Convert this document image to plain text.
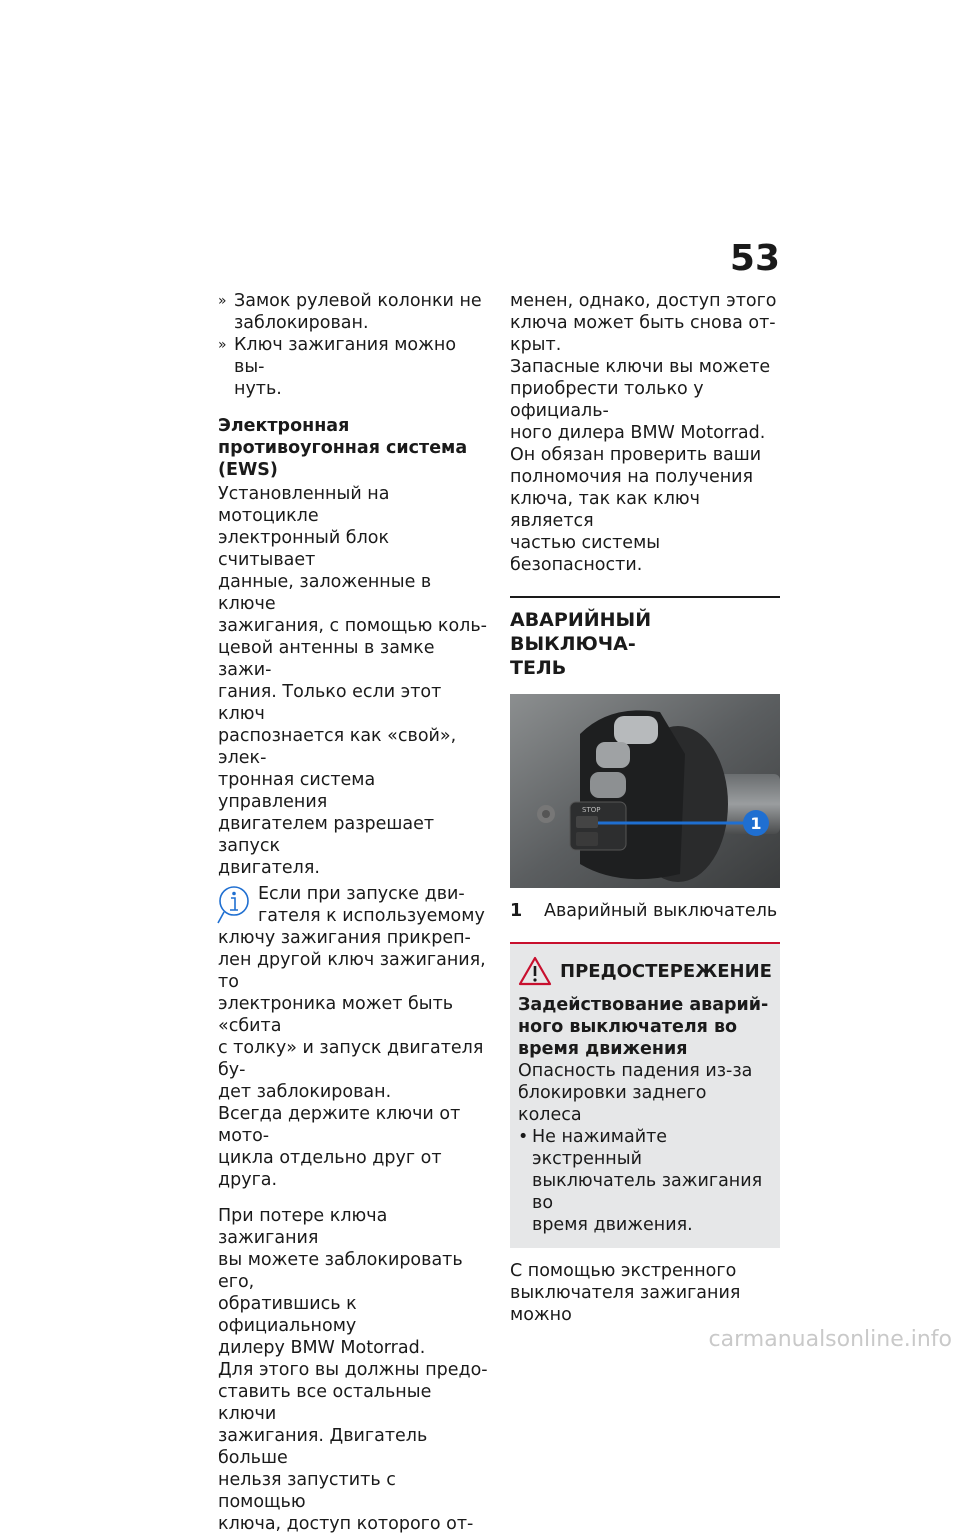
53
» Замок рулевой колонки не
заблокирован.
» Ключ зажигания можно вы-
нуть.
Электронная
противоугонная система
(EWS)
Установленный на мотоцикле
электронный блок считывает
данные, заложенные в ключе
зажигания, с помощью коль-
цевой антенны в замке зажи-
гания. Только если этот ключ
распознается как «свой», элек-
тронная система управления
двигателем разрешает запуск
двигателя.
Если при запуске дви-
гателя к используемому
ключу зажигания прикреп-
лен другой ключ зажигания, то
электроника может быть «сбита
с толку» и запуск двигателя бу-
дет заблокирован.
Всегда держите ключи от мото-
цикла отдельно друг от друга.
При потере ключа зажигания
вы можете заблокировать его,
обратившись к официальному
дилеру BMW Motorrad.
Для этого вы должны предо-
ставить все остальные ключи
зажигания. Двигатель больше
нельзя запустить с помощью
ключа, доступ которого от-
менен, однако, доступ этого
ключа может быть снова от-
крыт.
Запасные ключи вы можете
приобрести только у официаль-
ного дилера BMW Motorrad.
Он обязан проверить ваши
полномочия на получения
ключа, так как ключ является
частью системы безопасности.
АВАРИЙНЫЙ ВЫКЛЮЧА-
ТЕЛЬ
STOP
1
1	Аварийный выключатель
ПРЕДОСТЕРЕЖЕНИЕ
Задействование аварий-
ного выключателя во
время движения
Опасность падения из-за
блокировки заднего колеса
• Не нажимайте экстренный
выключатель зажигания во
время движения.
С помощью экстренного
выключателя зажигания можно
carmanualsonline.info
